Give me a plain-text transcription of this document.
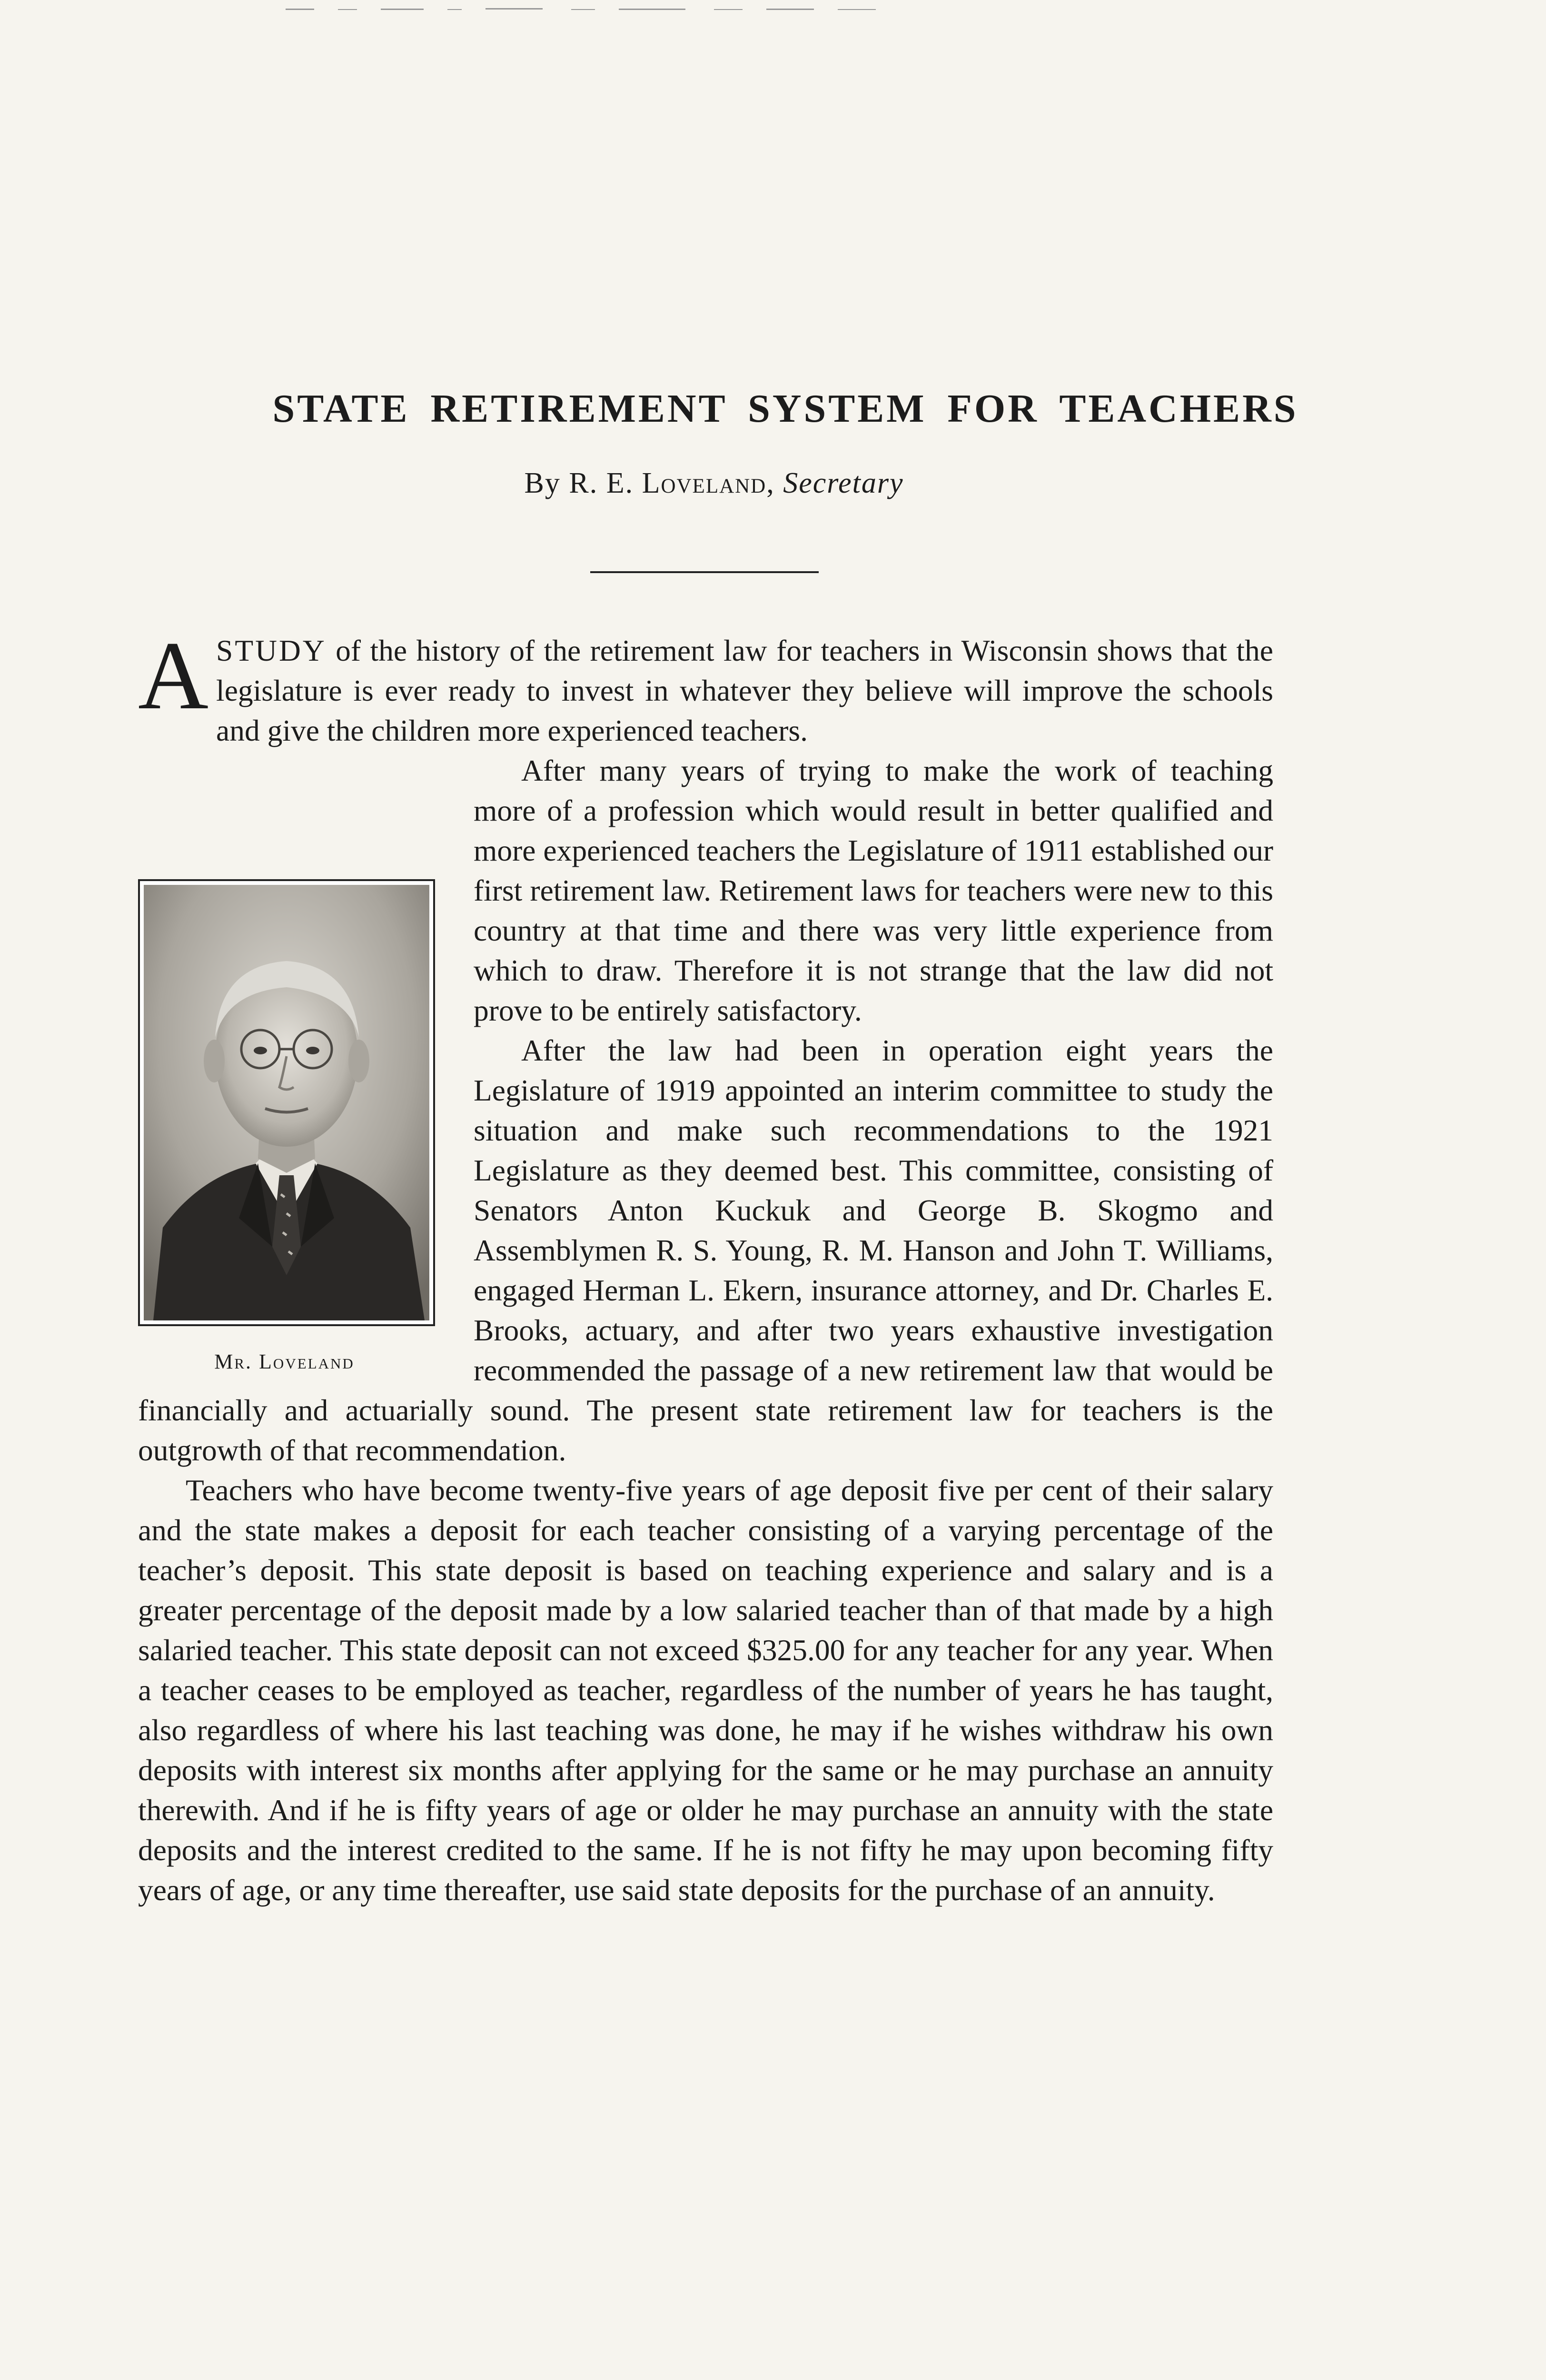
STATE RETIREMENT SYSTEM FOR TEACHERS

By R. E. Loveland, Secretary

A STUDY of the history of the retirement law for teachers in Wisconsin shows that the legislature is ever ready to invest in whatever they believe will improve the schools and give the children more experienced teachers.

Mr. Loveland

After many years of trying to make the work of teaching more of a profession which would result in better qualified and more experienced teachers the Legislature of 1911 established our first retirement law. Retirement laws for teachers were new to this country at that time and there was very little experience from which to draw. Therefore it is not strange that the law did not prove to be entirely satisfactory.

After the law had been in operation eight years the Legislature of 1919 appointed an interim committee to study the situation and make such recommendations to the 1921 Legislature as they deemed best. This committee, consisting of Senators Anton Kuckuk and George B. Skogmo and Assemblymen R. S. Young, R. M. Hanson and John T. Williams, engaged Herman L. Ekern, insurance attorney, and Dr. Charles E. Brooks, actuary, and after two years exhaustive investigation recommended the passage of a new retirement law that would be financially and actuarially sound. The present state retirement law for teachers is the outgrowth of that recommendation.

Teachers who have become twenty-five years of age deposit five per cent of their salary and the state makes a deposit for each teacher consisting of a varying percentage of the teacher’s deposit. This state deposit is based on teaching experience and salary and is a greater percentage of the deposit made by a low salaried teacher than of that made by a high salaried teacher. This state deposit can not exceed $325.00 for any teacher for any year. When a teacher ceases to be employed as teacher, regardless of the number of years he has taught, also regardless of where his last teaching was done, he may if he wishes withdraw his own deposits with interest six months after applying for the same or he may purchase an annuity therewith. And if he is fifty years of age or older he may purchase an annuity with the state deposits and the interest credited to the same. If he is not fifty he may upon becoming fifty years of age, or any time thereafter, use said state deposits for the purchase of an annuity.
